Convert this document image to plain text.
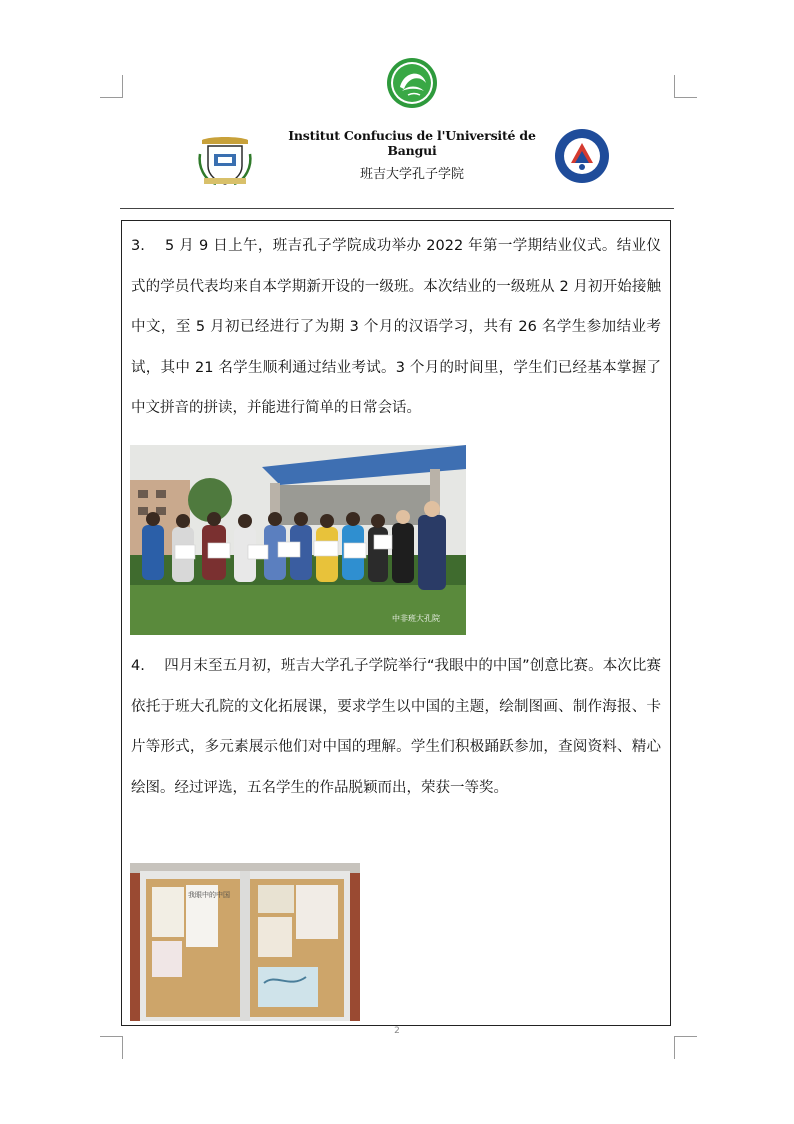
Institut Confucius de l'Université de Bangui
班吉大学孔子学院
3.　 5 月 9 日上午，班吉孔子学院成功举办 2022 年第一学期结业仪式。结业仪式的学员代表均来自本学期新开设的一级班。本次结业的一级班从 2 月初开始接触中文，至 5 月初已经进行了为期 3 个月的汉语学习，共有 26 名学生参加结业考试，其中 21 名学生顺利通过结业考试。3 个月的时间里，学生们已经基本掌握了中文拼音的拼读，并能进行简单的日常会话。
中非班大孔院
4.　 四月末至五月初，班吉大学孔子学院举行“我眼中的中国”创意比赛。本次比赛依托于班大孔院的文化拓展课，要求学生以中国的主题，绘制图画、制作海报、卡片等形式，多元素展示他们对中国的理解。学生们积极踊跃参加，查阅资料、精心绘图。经过评选，五名学生的作品脱颖而出，荣获一等奖。
我眼中的中国
2
